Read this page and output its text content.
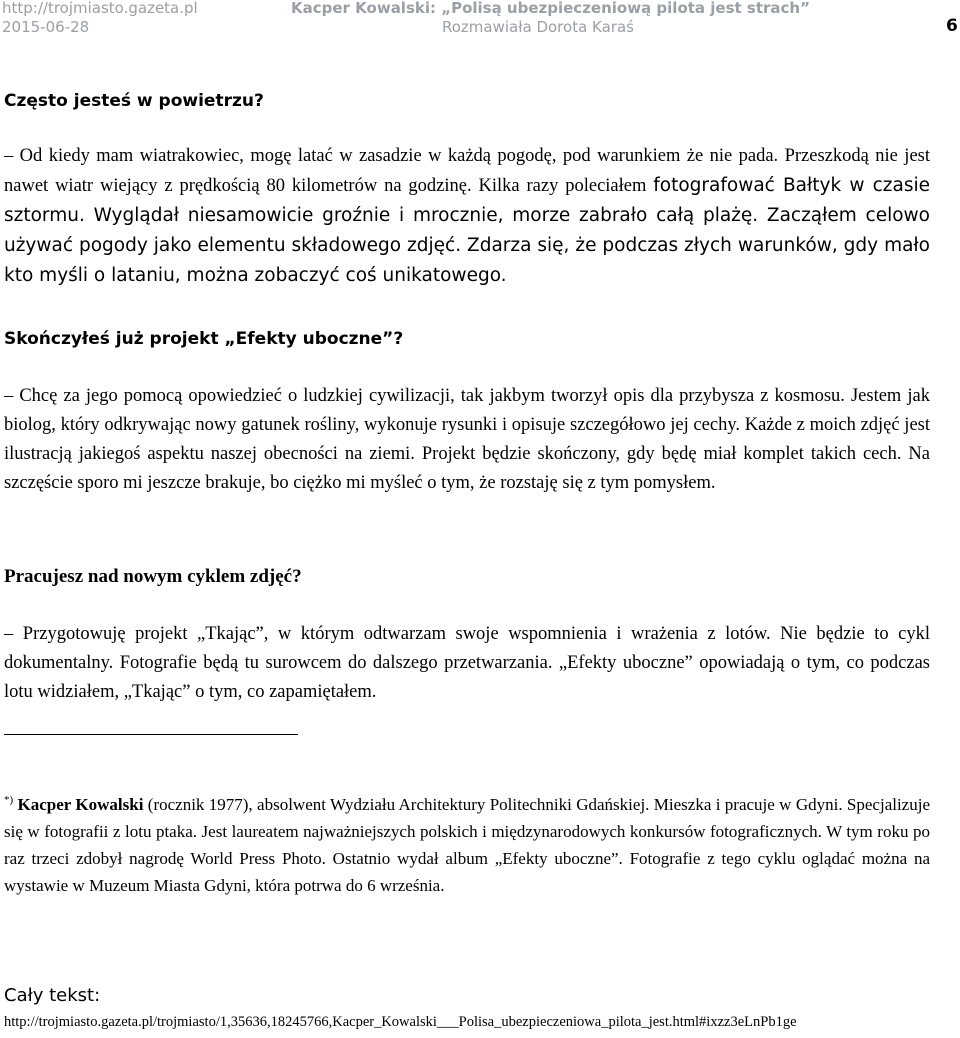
http://trojmiasto.gazeta.pl
2015-06-28
Kacper Kowalski: „Polisą ubezpieczeniową pilota jest strach”
Rozmawiała Dorota Karaś	6
Często jesteś w powietrzu?
– Od kiedy mam wiatrakowiec, mogę latać w zasadzie w każdą pogodę, pod warunkiem że nie pada. Przeszkodą nie jest nawet wiatr wiejący z prędkością 80 kilometrów na godzinę. Kilka razy poleciałem fotografować Bałtyk w czasie sztormu. Wyglądał niesamowicie groźnie i mrocznie, morze zabrało całą plażę. Zacząłem celowo używać pogody jako elementu składowego zdjęć. Zdarza się, że podczas złych warunków, gdy mało kto myśli o lataniu, można zobaczyć coś unikatowego.
Skończyłeś już projekt „Efekty uboczne”?
– Chcę za jego pomocą opowiedzieć o ludzkiej cywilizacji, tak jakbym tworzył opis dla przybysza z kosmosu. Jestem jak biolog, który odkrywając nowy gatunek rośliny, wykonuje rysunki i opisuje szczegółowo jej cechy. Każde z moich zdjęć jest ilustracją jakiegoś aspektu naszej obecności na ziemi. Projekt będzie skończony, gdy będę miał komplet takich cech. Na szczęście sporo mi jeszcze brakuje, bo ciężko mi myśleć o tym, że rozstaję się z tym pomysłem.
Pracujesz nad nowym cyklem zdjęć?
– Przygotowuję projekt „Tkając”, w którym odtwarzam swoje wspomnienia i wrażenia z lotów. Nie będzie to cykl dokumentalny. Fotografie będą tu surowcem do dalszego przetwarzania. „Efekty uboczne” opowiadają o tym, co podczas lotu widziałem, „Tkając” o tym, co zapamiętałem.
*) Kacper Kowalski (rocznik 1977), absolwent Wydziału Architektury Politechniki Gdańskiej. Mieszka i pracuje w Gdyni. Specjalizuje się w fotografii z lotu ptaka. Jest laureatem najważniejszych polskich i międzynarodowych konkursów fotograficznych. W tym roku po raz trzeci zdobył nagrodę World Press Photo. Ostatnio wydał album „Efekty uboczne”. Fotografie z tego cyklu oglądać można na wystawie w Muzeum Miasta Gdyni, która potrwa do 6 września.
Cały tekst:
http://trojmiasto.gazeta.pl/trojmiasto/1,35636,18245766,Kacper_Kowalski___Polisa_ubezpieczeniowa_pilota_jest.html#ixzz3eLnPb1ge
